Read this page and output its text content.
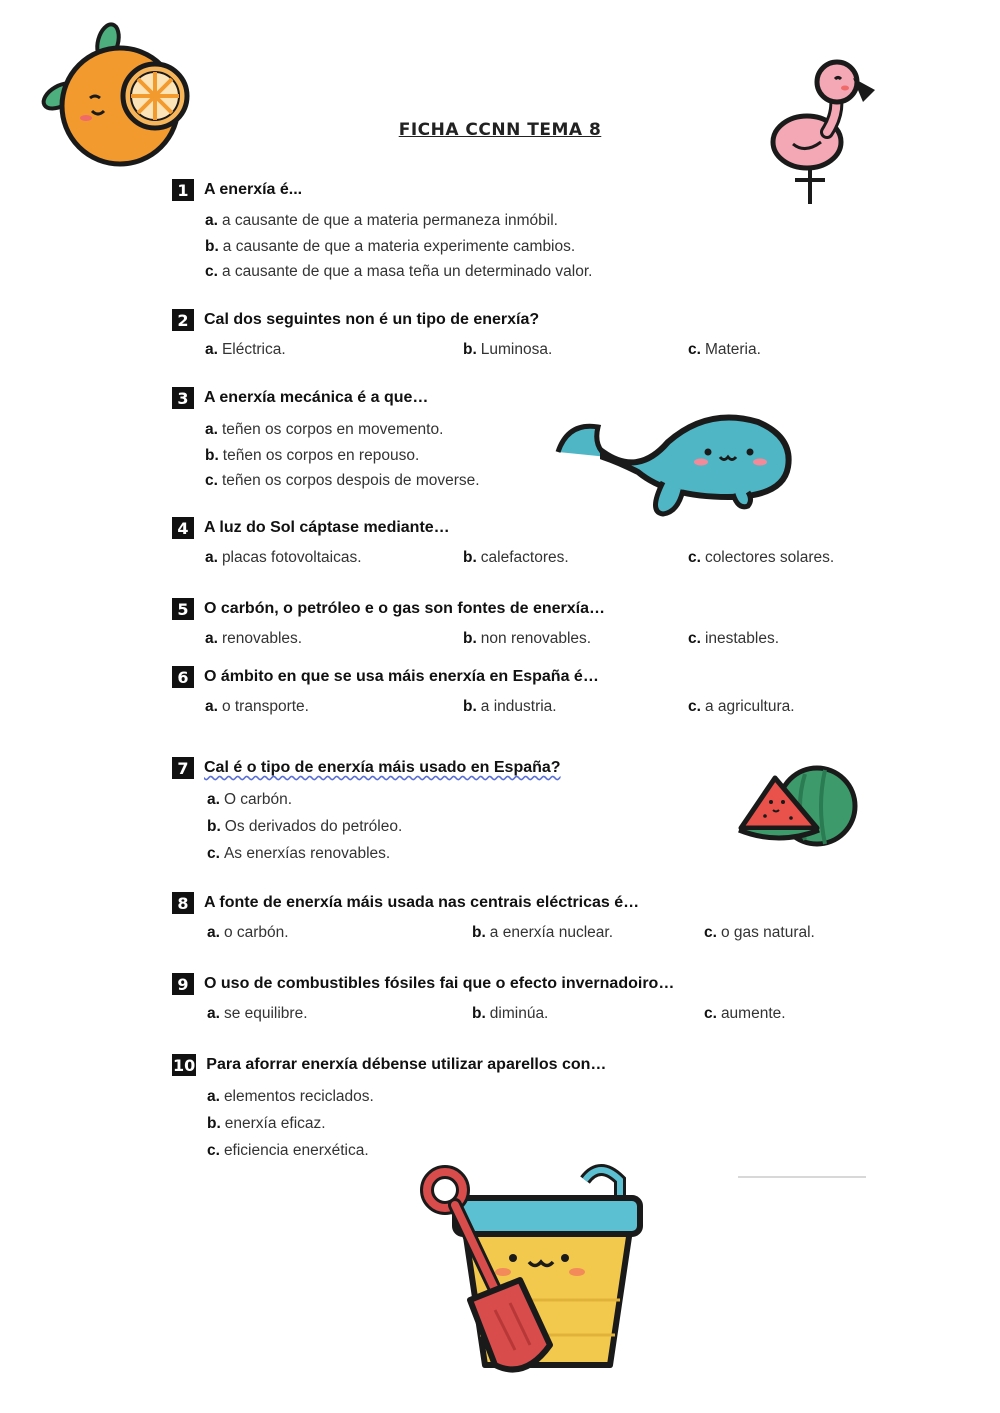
FICHA CCNN TEMA 8
1 A enerxía é...
a. a causante de que a materia permaneza inmóbil.
b. a causante de que a materia experimente cambios.
c. a causante de que a masa teña un determinado valor.
2 Cal dos seguintes non é un tipo de enerxía?
a. Eléctrica.	b. Luminosa.	c. Materia.
3 A enerxía mecánica é a que…
a. teñen os corpos en movemento.
b. teñen os corpos en repouso.
c. teñen os corpos despois de moverse.
4 A luz do Sol cáptase mediante…
a. placas fotovoltaicas.	b. calefactores.	c. colectores solares.
5 O carbón, o petróleo e o gas son fontes de enerxía…
a. renovables.	b. non renovables.	c. inestables.
6 O ámbito en que se usa máis enerxía en España é…
a. o transporte.	b. a industria.	c. a agricultura.
7 Cal é o tipo de enerxía máis usado en España?
a. O carbón.
b. Os derivados do petróleo.
c. As enerxías renovables.
8 A fonte de enerxía máis usada nas centrais eléctricas é…
a. o carbón.	b. a enerxía nuclear.	c. o gas natural.
9 O uso de combustibles fósiles fai que o efecto invernadoiro…
a. se equilibre.	b. diminúa.	c. aumente.
10 Para aforrar enerxía débense utilizar aparellos con…
a. elementos reciclados.
b. enerxía eficaz.
c. eficiencia enerxética.
